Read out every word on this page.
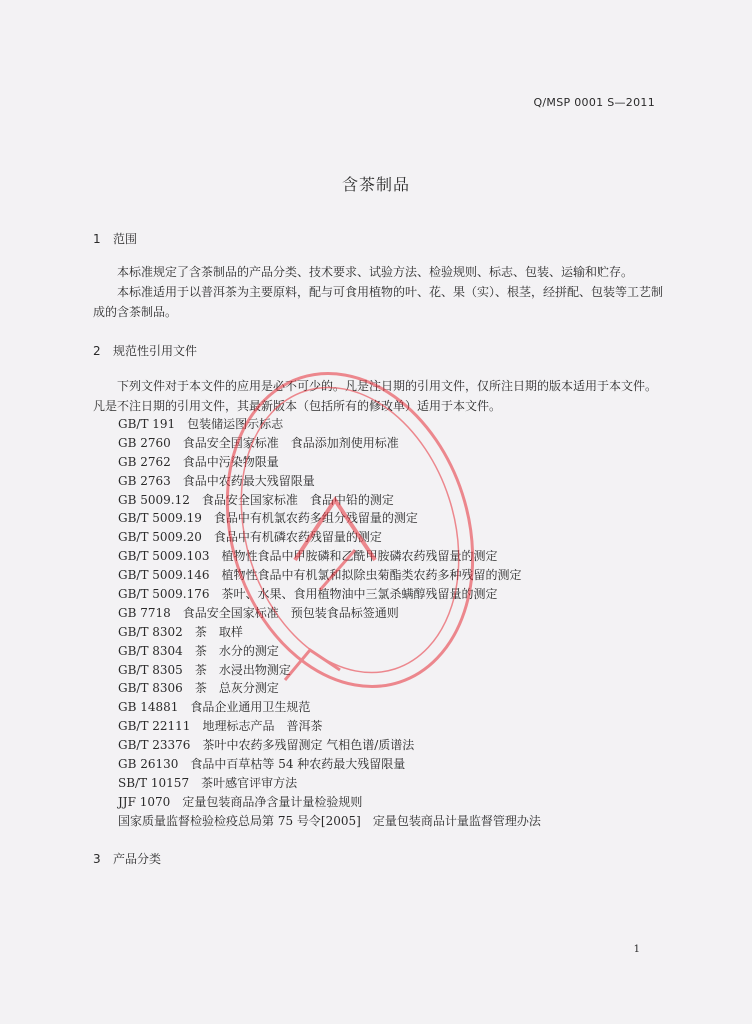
Q/MSP 0001 S—2011
含茶制品
1 范围
本标准规定了含茶制品的产品分类、技术要求、试验方法、检验规则、标志、包装、运输和贮存。
本标准适用于以普洱茶为主要原料，配与可食用植物的叶、花、果（实）、根茎，经拼配、包装等工艺制成的含茶制品。
2 规范性引用文件
下列文件对于本文件的应用是必不可少的。凡是注日期的引用文件，仅所注日期的版本适用于本文件。凡是不注日期的引用文件，其最新版本（包括所有的修改单）适用于本文件。
GB/T 191 包装储运图示标志
GB 2760 食品安全国家标准　食品添加剂使用标准
GB 2762 食品中污染物限量
GB 2763 食品中农药最大残留限量
GB 5009.12 食品安全国家标准　食品中铅的测定
GB/T 5009.19 食品中有机氯农药多组分残留量的测定
GB/T 5009.20 食品中有机磷农药残留量的测定
GB/T 5009.103 植物性食品中甲胺磷和乙酰甲胺磷农药残留量的测定
GB/T 5009.146 植物性食品中有机氯和拟除虫菊酯类农药多种残留的测定
GB/T 5009.176 茶叶、水果、食用植物油中三氯杀螨醇残留量的测定
GB 7718 食品安全国家标准　预包装食品标签通则
GB/T 8302 茶　取样
GB/T 8304 茶　水分的测定
GB/T 8305 茶　水浸出物测定
GB/T 8306 茶　总灰分测定
GB 14881 食品企业通用卫生规范
GB/T 22111 地理标志产品　普洱茶
GB/T 23376 茶叶中农药多残留测定 气相色谱/质谱法
GB 26130 食品中百草枯等 54 种农药最大残留限量
SB/T 10157 茶叶感官评审方法
JJF 1070 定量包装商品净含量计量检验规则
国家质量监督检验检疫总局第 75 号令[2005] 定量包装商品计量监督管理办法
3 产品分类
1
